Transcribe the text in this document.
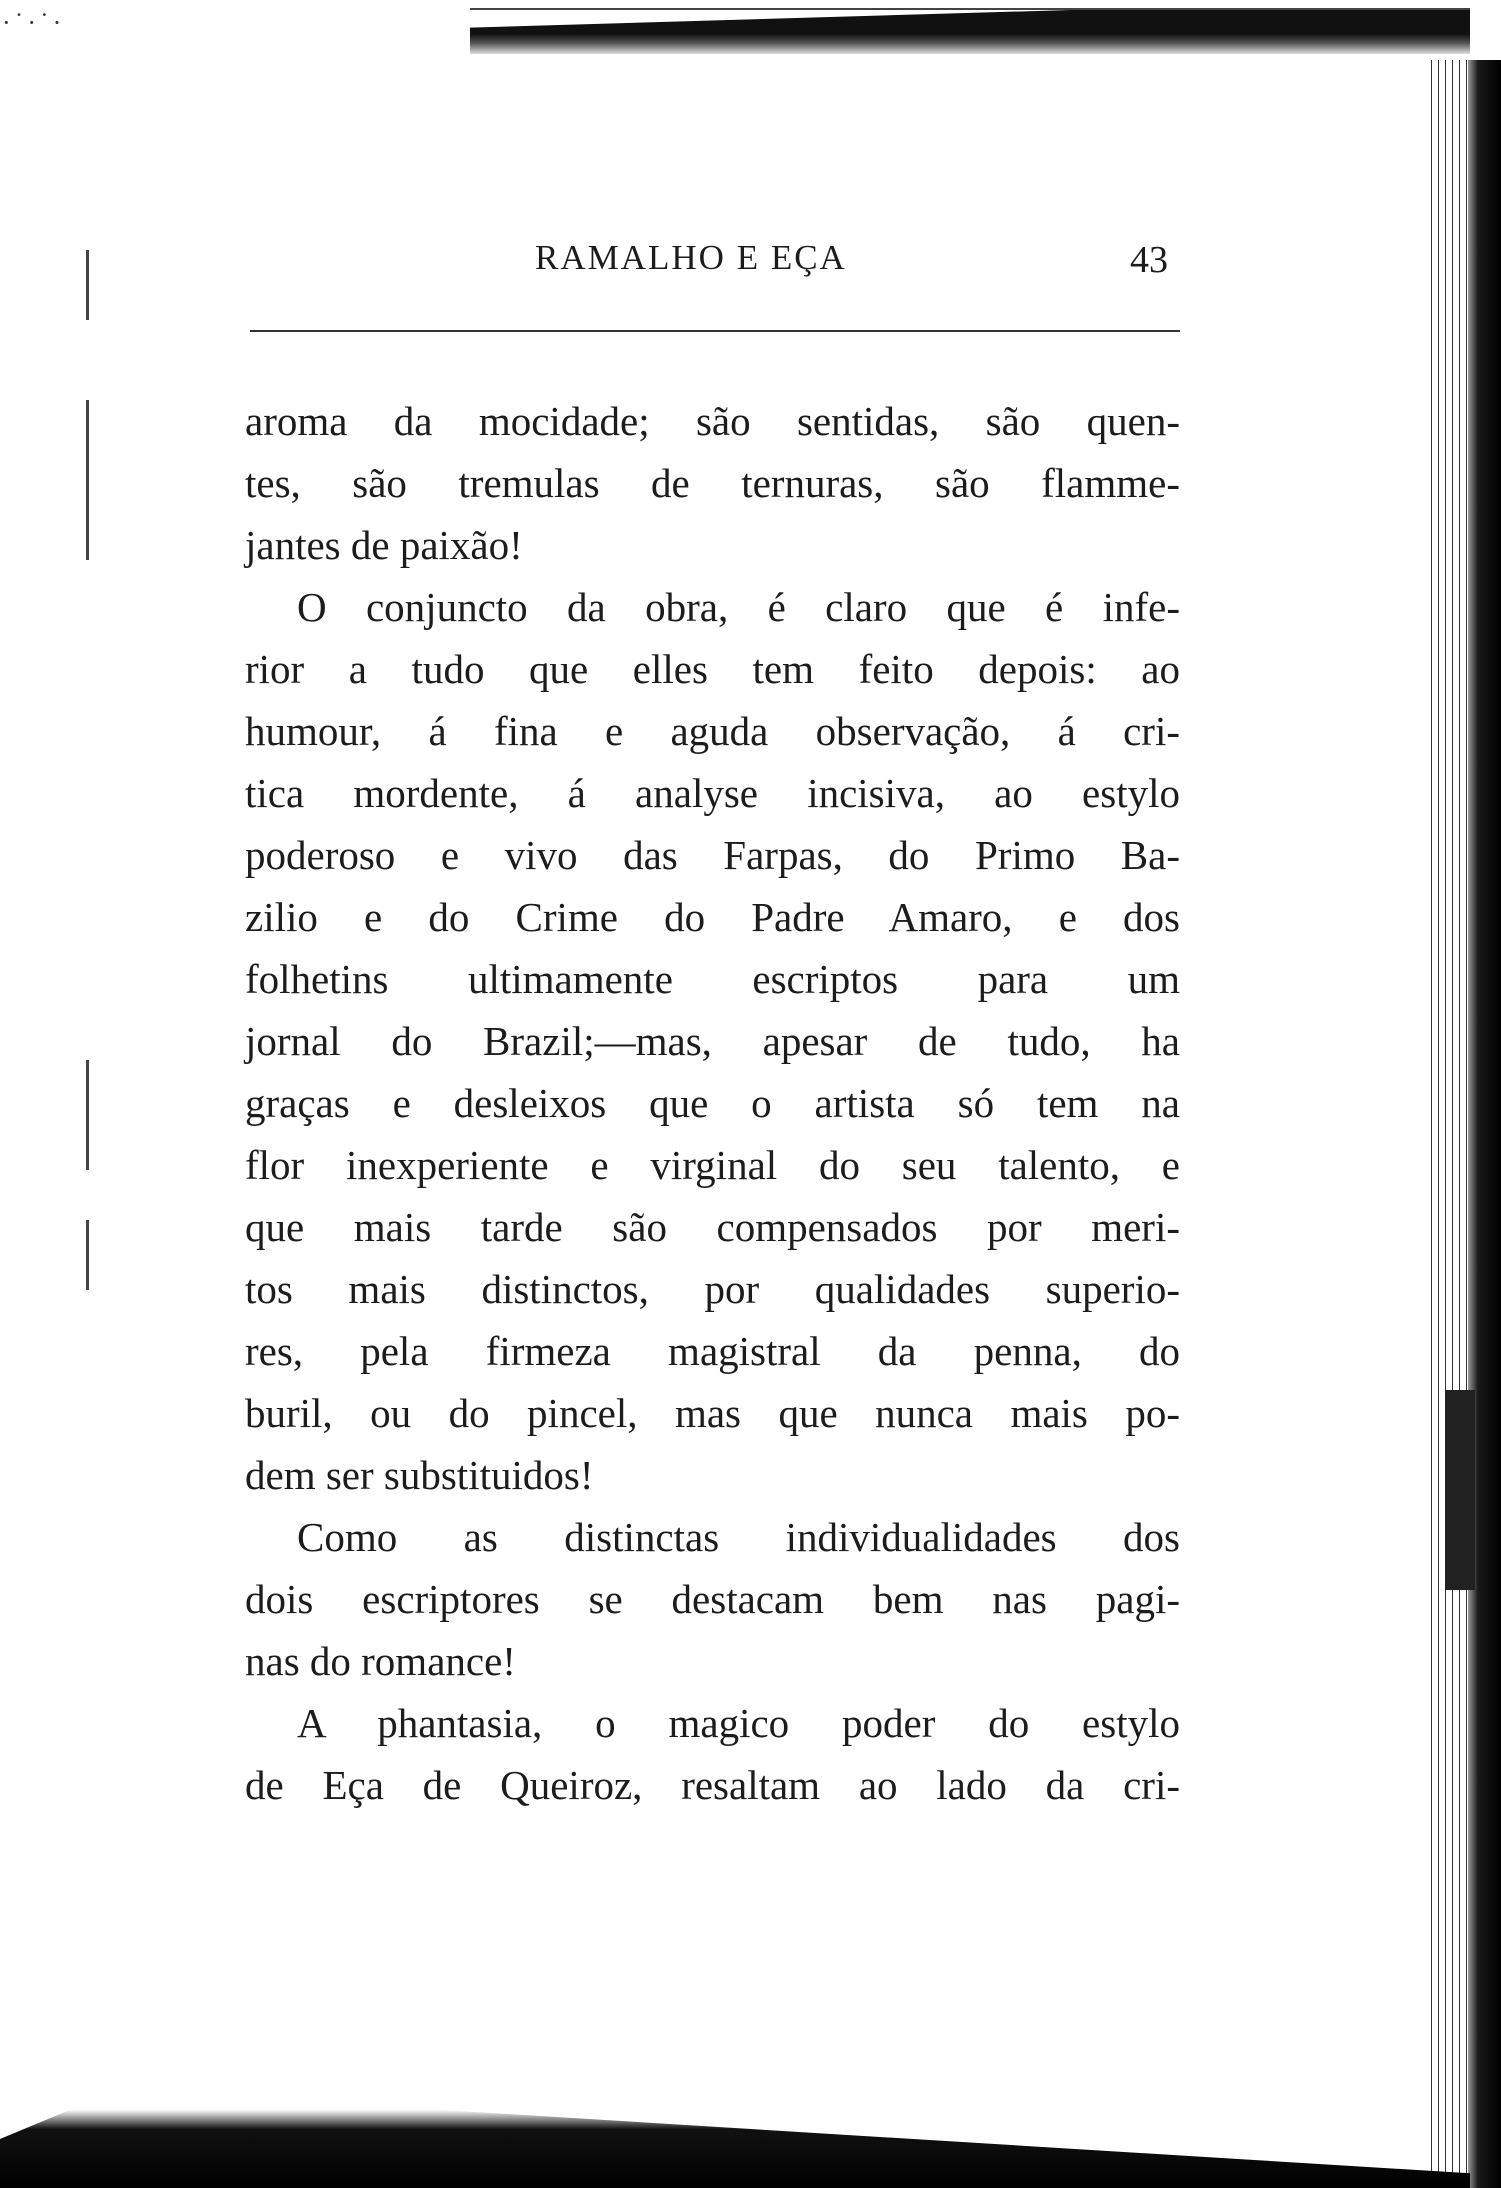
·˙·˙·
RAMALHO E EÇA	43
aroma da mocidade; são sentidas, são quen-
tes, são tremulas de ternuras, são flamme-
jantes de paixão!
O conjuncto da obra, é claro que é infe-
rior a tudo que elles tem feito depois: ao
humour, á fina e aguda observação, á cri-
tica mordente, á analyse incisiva, ao estylo
poderoso e vivo das Farpas, do Primo Ba-
zilio e do Crime do Padre Amaro, e dos
folhetins ultimamente escriptos para um
jornal do Brazil;—mas, apesar de tudo, ha
graças e desleixos que o artista só tem na
flor inexperiente e virginal do seu talento, e
que mais tarde são compensados por meri-
tos mais distinctos, por qualidades superio-
res, pela firmeza magistral da penna, do
buril, ou do pincel, mas que nunca mais po-
dem ser substituidos!
Como as distinctas individualidades dos
dois escriptores se destacam bem nas pagi-
nas do romance!
A phantasia, o magico poder do estylo
de Eça de Queiroz, resaltam ao lado da cri-
